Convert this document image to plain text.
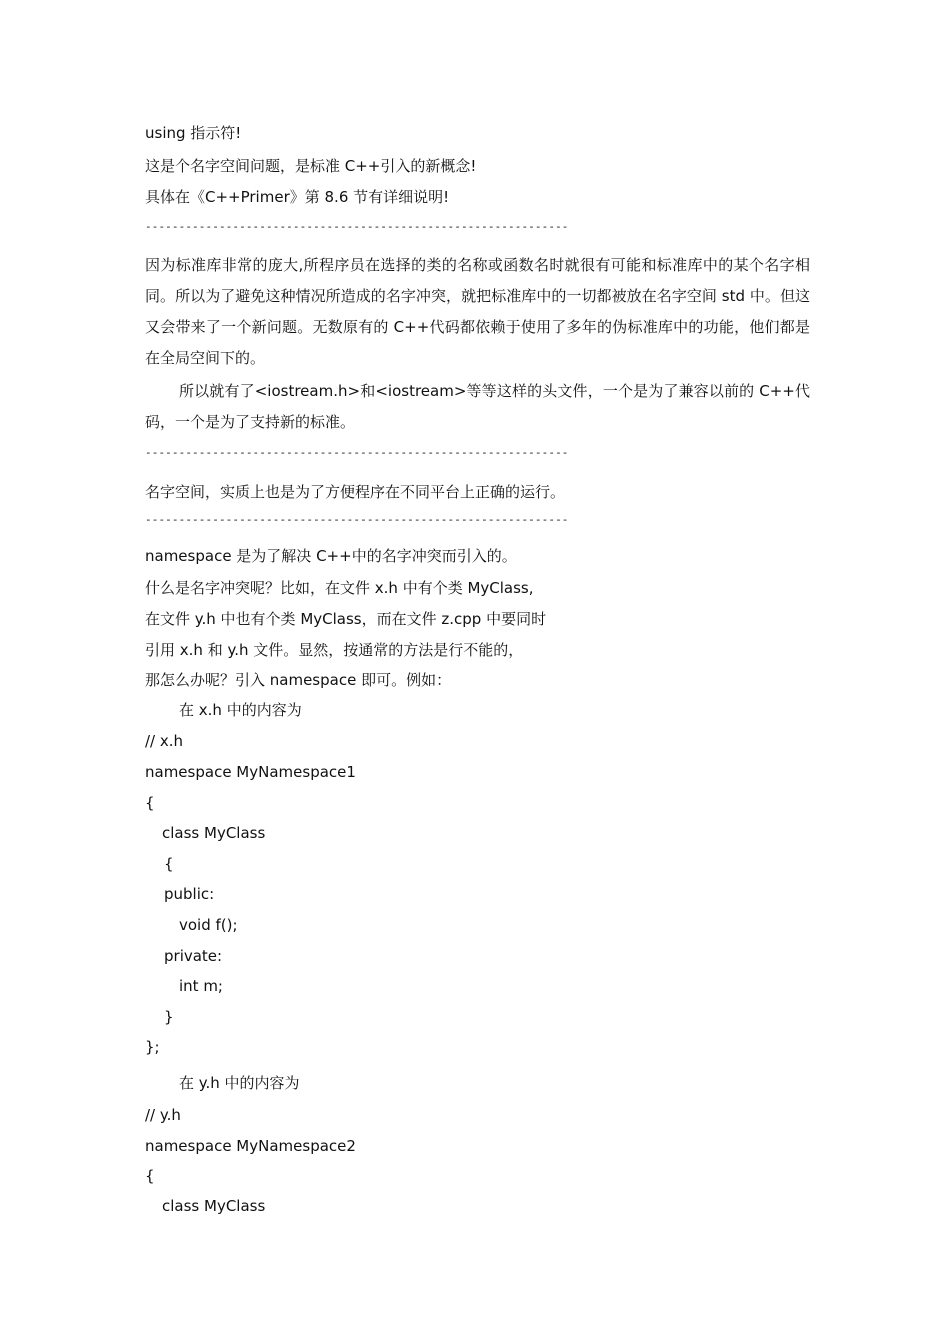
using 指示符!
这是个名字空间问题，是标准 C++引入的新概念!
具体在《C++Primer》第 8.6 节有详细说明!
---------------------------------------------------------------
因为标准库非常的庞大,所程序员在选择的类的名称或函数名时就很有可能和标准库中的某个名字相同。所以为了避免这种情况所造成的名字冲突，就把标准库中的一切都被放在名字空间 std 中。但这又会带来了一个新问题。无数原有的 C++代码都依赖于使用了多年的伪标准库中的功能，他们都是在全局空间下的。
所以就有了<iostream.h>和<iostream>等等这样的头文件，一个是为了兼容以前的 C++代码，一个是为了支持新的标准。
---------------------------------------------------------------
名字空间，实质上也是为了方便程序在不同平台上正确的运行。
---------------------------------------------------------------
namespace 是为了解决 C++中的名字冲突而引入的。
什么是名字冲突呢？比如，在文件 x.h 中有个类 MyClass,
在文件 y.h 中也有个类 MyClass，而在文件 z.cpp 中要同时
引用 x.h 和 y.h 文件。显然，按通常的方法是行不能的，
那怎么办呢？引入 namespace 即可。例如：
在 x.h 中的内容为
// x.h
namespace MyNamespace1
{
class MyClass
{
public:
void f();
private:
int m;
}
};
在 y.h 中的内容为
// y.h
namespace MyNamespace2
{
class MyClass
